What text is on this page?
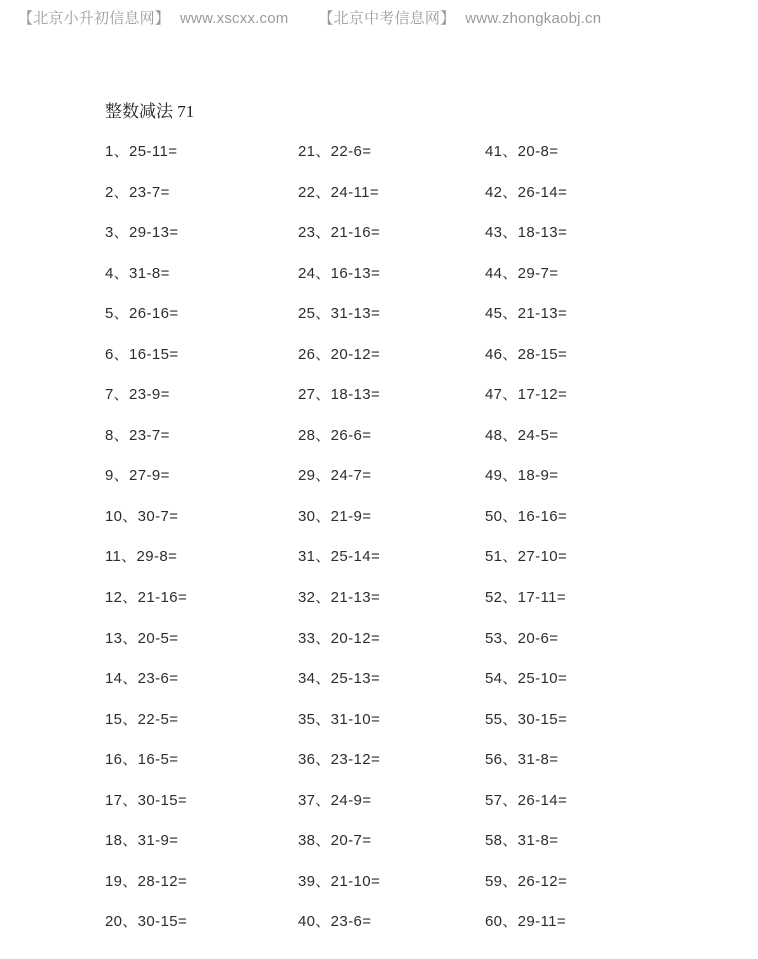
【北京小升初信息网】 www.xscxx.com 【北京中考信息网】 www.zhongkaobj.cn
整数减法 71
1、25-11=
2、23-7=
3、29-13=
4、31-8=
5、26-16=
6、16-15=
7、23-9=
8、23-7=
9、27-9=
10、30-7=
11、29-8=
12、21-16=
13、20-5=
14、23-6=
15、22-5=
16、16-5=
17、30-15=
18、31-9=
19、28-12=
20、30-15=
21、22-6=
22、24-11=
23、21-16=
24、16-13=
25、31-13=
26、20-12=
27、18-13=
28、26-6=
29、24-7=
30、21-9=
31、25-14=
32、21-13=
33、20-12=
34、25-13=
35、31-10=
36、23-12=
37、24-9=
38、20-7=
39、21-10=
40、23-6=
41、20-8=
42、26-14=
43、18-13=
44、29-7=
45、21-13=
46、28-15=
47、17-12=
48、24-5=
49、18-9=
50、16-16=
51、27-10=
52、17-11=
53、20-6=
54、25-10=
55、30-15=
56、31-8=
57、26-14=
58、31-8=
59、26-12=
60、29-11=
